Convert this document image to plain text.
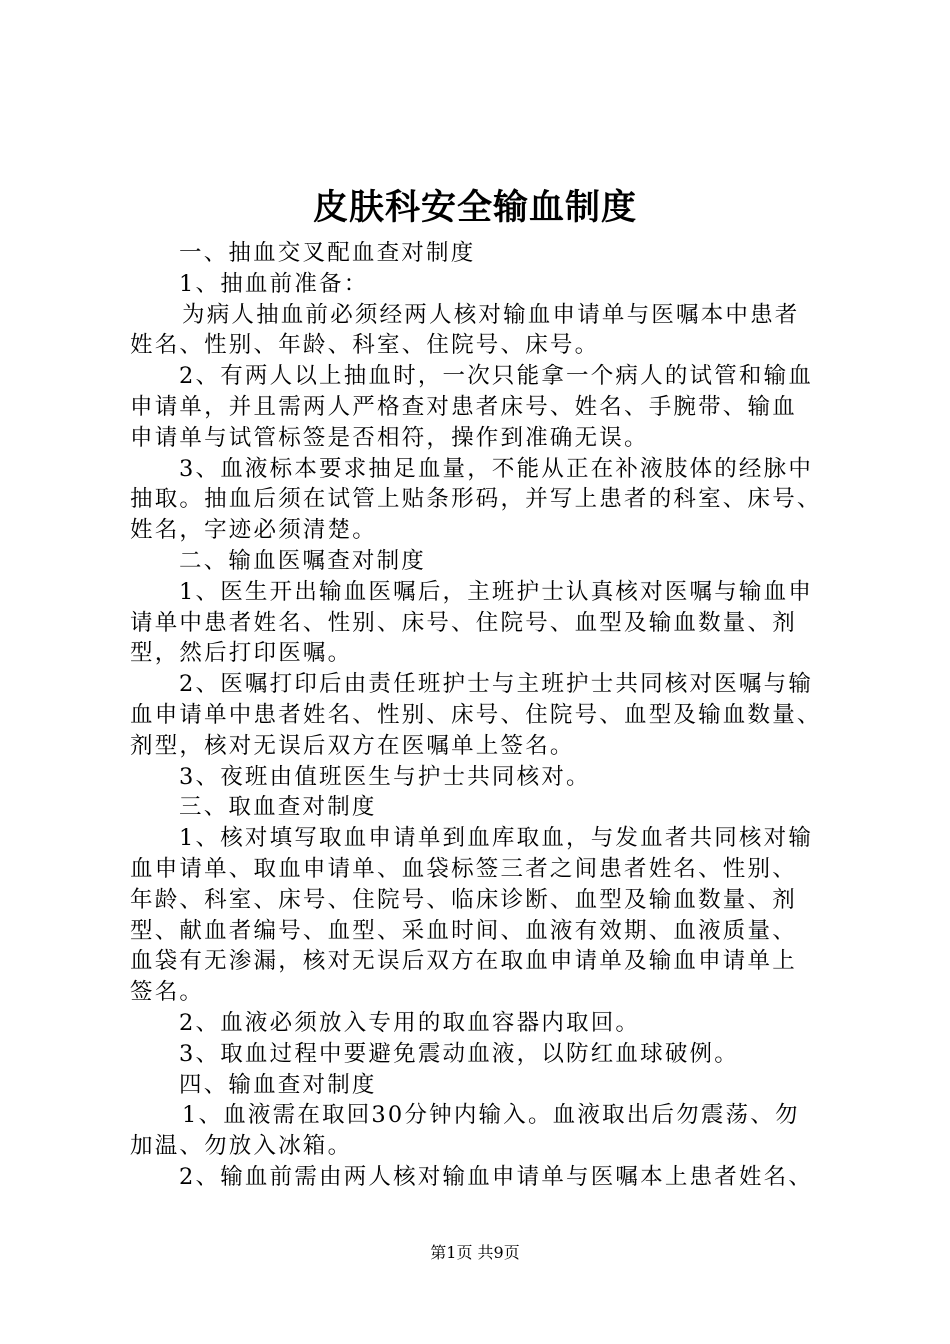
皮肤科安全输血制度
一、抽血交叉配血查对制度
1、抽血前准备：
为病人抽血前必须经两人核对输血申请单与医嘱本中患者
姓名、性别、年龄、科室、住院号、床号。
2、有两人以上抽血时，一次只能拿一个病人的试管和输血
申请单，并且需两人严格查对患者床号、姓名、手腕带、输血
申请单与试管标签是否相符，操作到准确无误。
3、血液标本要求抽足血量，不能从正在补液肢体的经脉中
抽取。抽血后须在试管上贴条形码，并写上患者的科室、床号、
姓名，字迹必须清楚。
二、输血医嘱查对制度
1、医生开出输血医嘱后，主班护士认真核对医嘱与输血申
请单中患者姓名、性别、床号、住院号、血型及输血数量、剂
型，然后打印医嘱。
2、医嘱打印后由责任班护士与主班护士共同核对医嘱与输
血申请单中患者姓名、性别、床号、住院号、血型及输血数量、
剂型，核对无误后双方在医嘱单上签名。
3、夜班由值班医生与护士共同核对。
三、取血查对制度
1、核对填写取血申请单到血库取血，与发血者共同核对输
血申请单、取血申请单、血袋标签三者之间患者姓名、性别、
年龄、科室、床号、住院号、临床诊断、血型及输血数量、剂
型、献血者编号、血型、采血时间、血液有效期、血液质量、
血袋有无渗漏，核对无误后双方在取血申请单及输血申请单上
签名。
2、血液必须放入专用的取血容器内取回。
3、取血过程中要避免震动血液，以防红血球破例。
四、输血查对制度
1、血液需在取回30分钟内输入。血液取出后勿震荡、勿
加温、勿放入冰箱。
2、输血前需由两人核对输血申请单与医嘱本上患者姓名、
第1页 共9页
